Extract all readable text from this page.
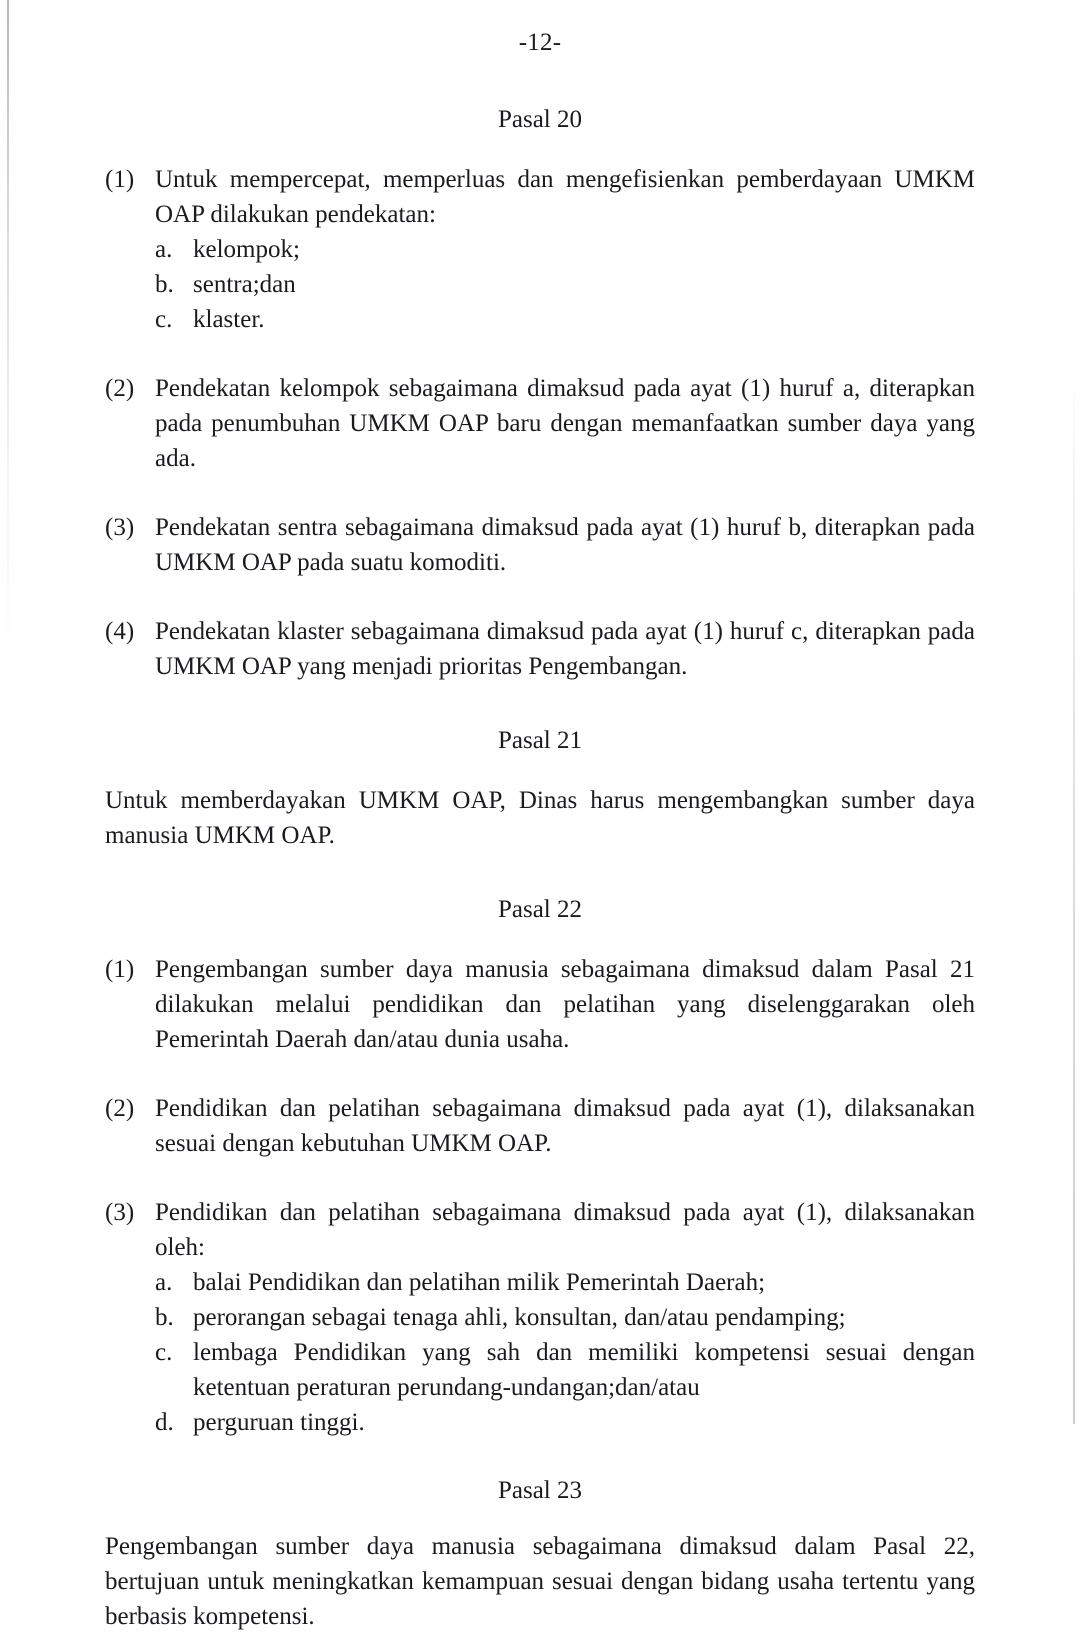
-12-
Pasal 20
(1) Untuk mempercepat, memperluas dan mengefisienkan pemberdayaan UMKM OAP dilakukan pendekatan:
a. kelompok;
b. sentra;dan
c. klaster.
(2) Pendekatan kelompok sebagaimana dimaksud pada ayat (1) huruf a, diterapkan pada penumbuhan UMKM OAP baru dengan memanfaatkan sumber daya yang ada.
(3) Pendekatan sentra sebagaimana dimaksud pada ayat (1) huruf b, diterapkan pada UMKM OAP pada suatu komoditi.
(4) Pendekatan klaster sebagaimana dimaksud pada ayat (1) huruf c, diterapkan pada UMKM OAP yang menjadi prioritas Pengembangan.
Pasal 21
Untuk memberdayakan UMKM OAP, Dinas harus mengembangkan sumber daya manusia UMKM OAP.
Pasal 22
(1) Pengembangan sumber daya manusia sebagaimana dimaksud dalam Pasal 21 dilakukan melalui pendidikan dan pelatihan yang diselenggarakan oleh Pemerintah Daerah dan/atau dunia usaha.
(2) Pendidikan dan pelatihan sebagaimana dimaksud pada ayat (1), dilaksanakan sesuai dengan kebutuhan UMKM OAP.
(3) Pendidikan dan pelatihan sebagaimana dimaksud pada ayat (1), dilaksanakan oleh:
a. balai Pendidikan dan pelatihan milik Pemerintah Daerah;
b. perorangan sebagai tenaga ahli, konsultan, dan/atau pendamping;
c. lembaga Pendidikan yang sah dan memiliki kompetensi sesuai dengan ketentuan peraturan perundang-undangan;dan/atau
d. perguruan tinggi.
Pasal 23
Pengembangan sumber daya manusia sebagaimana dimaksud dalam Pasal 22, bertujuan untuk meningkatkan kemampuan sesuai dengan bidang usaha tertentu yang berbasis kompetensi.
